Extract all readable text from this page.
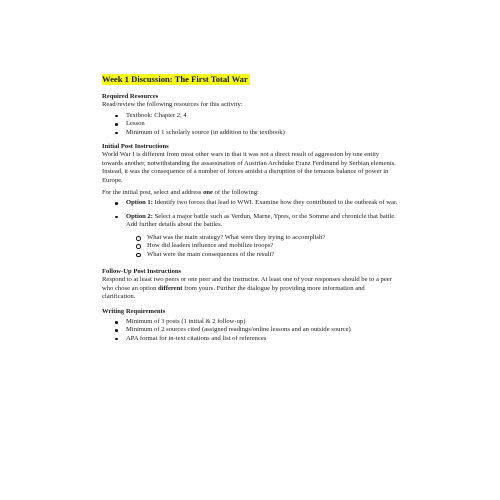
Week 1 Discussion: The First Total War

Required Resources

Read/review the following resources for this activity:

Textbook: Chapter 2, 4
Lesson
Minimum of 1 scholarly source (in addition to the textbook)

Initial Post Instructions

World War I is different from most other wars in that it was not a direct result of aggression by one entity towards another, notwithstanding the assassination of Austrian Archduke Franz Ferdinand by Serbian elements. Instead, it was the consequence of a number of forces amidst a disruption of the tenuous balance of power in Europe.

For the initial post, select and address one of the following:

Option 1: Identify two forces that lead to WWI. Examine how they contributed to the outbreak of war.
Option 2: Select a major battle such as Verdun, Marne, Ypres, or the Somme and chronicle that battle. Add further details about the battles.
What was the main strategy? What were they trying to accomplish?
How did leaders influence and mobilize troops?
What were the main consequences of the result?

Follow-Up Post Instructions

Respond to at least two peers or one peer and the instructor. At least one of your responses should be to a peer who chose an option different from yours. Further the dialogue by providing more information and clarification.

Writing Requirements

Minimum of 3 posts (1 initial & 2 follow-up)
Minimum of 2 sources cited (assigned readings/online lessons and an outside source)
APA format for in-text citations and list of references
